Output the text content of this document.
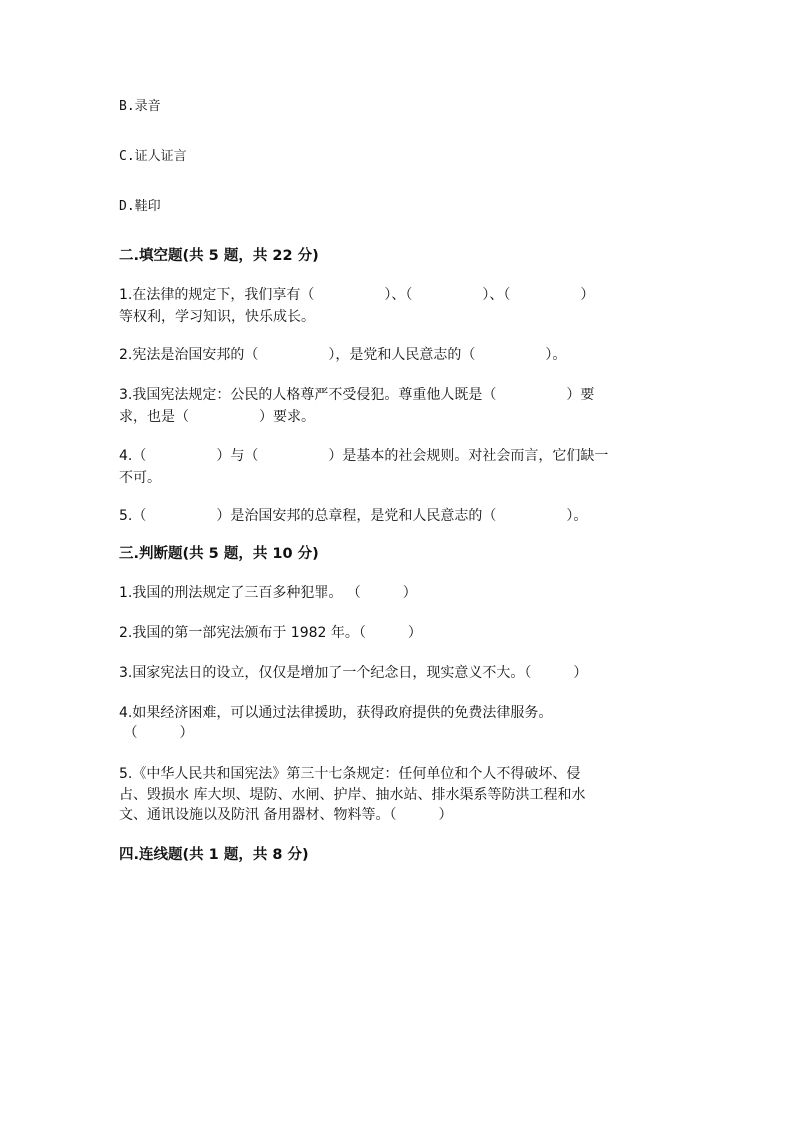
B.录音
C.证人证言
D.鞋印
二.填空题(共 5 题，共 22 分)
1.在法律的规定下，我们享有（　　　　　）、（　　　　　）、（　　　　　）
等权利，学习知识，快乐成长。
2.宪法是治国安邦的（　　　　　），是党和人民意志的（　　　　　）。
3.我国宪法规定：公民的人格尊严不受侵犯。尊重他人既是（　　　　　）要
求，也是（　　　　　）要求。
4.（　　　　　）与（　　　　　）是基本的社会规则。对社会而言，它们缺一
不可。
5.（　　　　　）是治国安邦的总章程，是党和人民意志的（　　　　　）。
三.判断题(共 5 题，共 10 分)
1.我国的刑法规定了三百多种犯罪。 （　　　）
2.我国的第一部宪法颁布于 1982 年。（　　　）
3.国家宪法日的设立，仅仅是增加了一个纪念日，现实意义不大。（　　　）
4.如果经济困难，可以通过法律援助，获得政府提供的免费法律服务。
（　　　）
5.《中华人民共和国宪法》第三十七条规定：任何单位和个人不得破坏、侵
占、毁损水 库大坝、堤防、水闸、护岸、抽水站、排水渠系等防洪工程和水
文、通讯设施以及防汛 备用器材、物料等。（　　　）
四.连线题(共 1 题，共 8 分)
